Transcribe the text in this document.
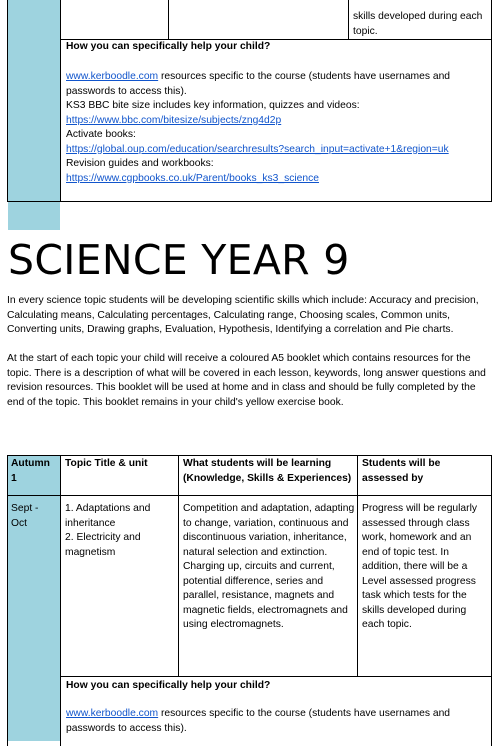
skills developed during each topic.
How you can specifically help your child?
www.kerboodle.com resources specific to the course (students have usernames and passwords to access this).
KS3 BBC bite size includes key information, quizzes and videos:
https://www.bbc.com/bitesize/subjects/zng4d2p
Activate books:
https://global.oup.com/education/searchresults?search_input=activate+1&region=uk
Revision guides and workbooks:
https://www.cgpbooks.co.uk/Parent/books_ks3_science
SCIENCE YEAR 9
In every science topic students will be developing scientific skills which include: Accuracy and precision, Calculating means, Calculating percentages, Calculating range, Choosing scales, Common units, Converting units, Drawing graphs, Evaluation, Hypothesis, Identifying a correlation and Pie charts.
At the start of each topic your child will receive a coloured A5 booklet which contains resources for the topic. There is a description of what will be covered in each lesson, keywords, long answer questions and revision resources. This booklet will be used at home and in class and should be fully completed by the end of the topic. This booklet remains in your child's yellow exercise book.
Autumn 1
Topic Title & unit	What students will be learning (Knowledge, Skills & Experiences)
Students will be assessed by
Sept - Oct
1. Adaptations and inheritance
2. Electricity and magnetism
Competition and adaptation, adapting to change, variation, continuous and discontinuous variation, inheritance, natural selection and extinction.
Charging up, circuits and current, potential difference, series and parallel, resistance, magnets and magnetic fields, electromagnets and using electromagnets.
Progress will be regularly assessed through class work, homework and an end of topic test. In addition, there will be a Level assessed progress task which tests for the skills developed during each topic.
How you can specifically help your child?
www.kerboodle.com resources specific to the course (students have usernames and passwords to access this).
